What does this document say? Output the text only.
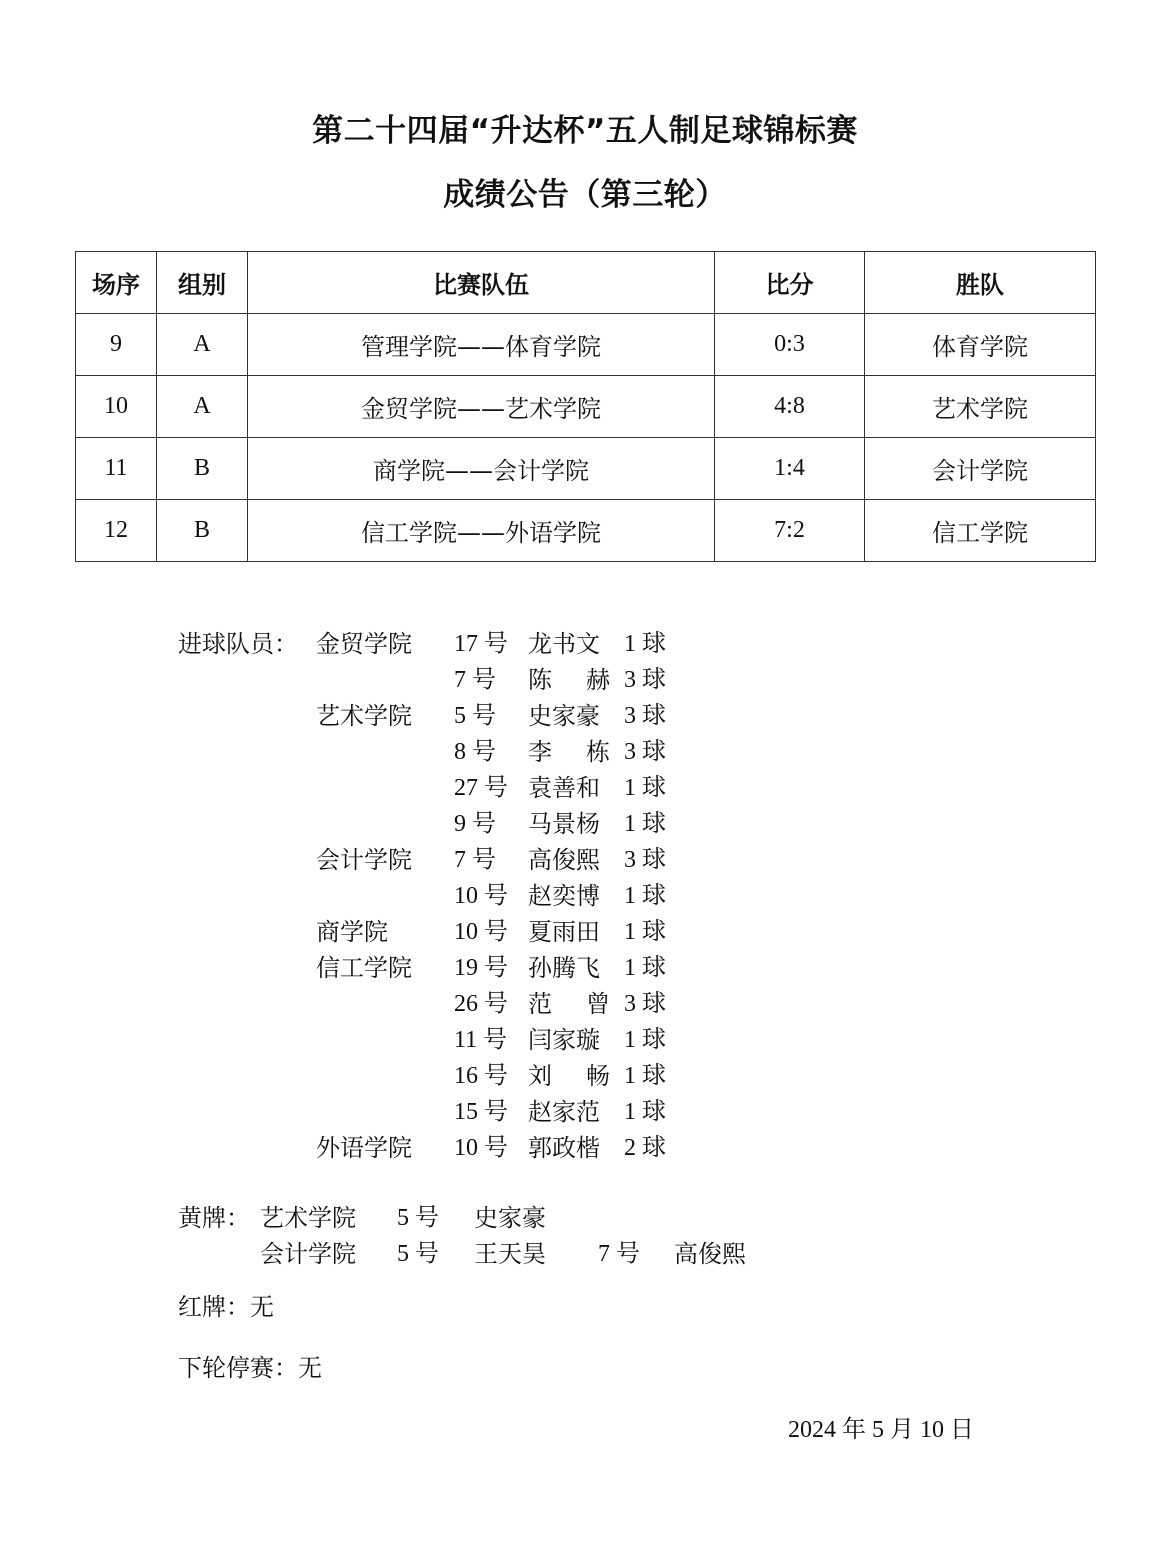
第二十四届“升达杯”五人制足球锦标赛
成绩公告（第三轮）
场序	组别	比赛队伍	比分	胜队
9	A	管理学院——体育学院	0:3	体育学院
10	A	金贸学院——艺术学院	4:8	艺术学院
11	B	商学院——会计学院	1:4	会计学院
12	B	信工学院——外语学院	7:2	信工学院
进球队员： 金贸学院 17 号 龙书文	1 球
7 号 陈赫 3 球
艺术学院 5 号 史家豪	3 球
8 号 李栋 3 球
27 号 袁善和	1 球
9 号 马景杨	1 球
会计学院 7 号 高俊熙	3 球
10 号 赵奕博	1 球
商学院	10 号 夏雨田	1 球
信工学院 19 号 孙腾飞	1 球
26 号 范曾 3 球
11 号 闫家璇	1 球
16 号 刘畅 1 球
15 号 赵家范	1 球
外语学院 10 号 郭政楷	2 球
黄牌： 艺术学院 5 号 史家豪
会计学院 5 号 王天昊 7 号 高俊熙
红牌：无
下轮停赛：无
2024 年 5 月 10 日
